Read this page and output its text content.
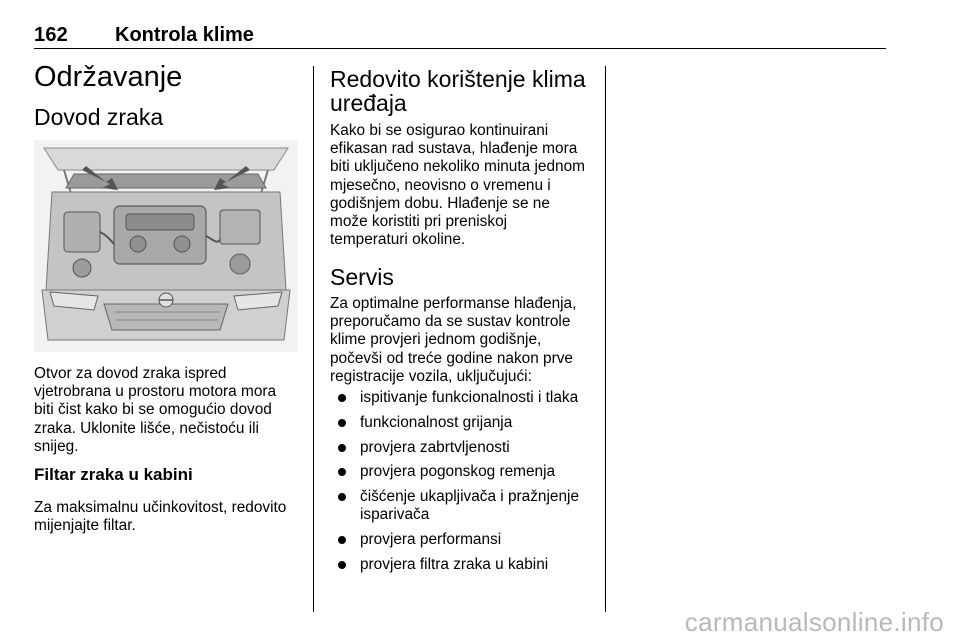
162 Kontrola klime
Održavanje
Dovod zraka
Otvor za dovod zraka ispred
vjetrobrana u prostoru motora mora
biti čist kako bi se omogućio dovod
zraka. Uklonite lišće, nečistoću ili
snijeg.
Filtar zraka u kabini
Za maksimalnu učinkovitost, redovito
mijenjajte filtar.
Redovito korištenje klima
uređaja
Kako bi se osigurao kontinuirani
efikasan rad sustava, hlađenje mora
biti uključeno nekoliko minuta jednom
mjesečno, neovisno o vremenu i
godišnjem dobu. Hlađenje se ne
može koristiti pri preniskoj
temperaturi okoline.
Servis
Za optimalne performanse hlađenja,
preporučamo da se sustav kontrole
klime provjeri jednom godišnje,
počevši od treće godine nakon prve
registracije vozila, uključujući:
ispitivanje funkcionalnosti i tlaka
funkcionalnost grijanja
provjera zabrtvljenosti
provjera pogonskog remenja
čišćenje ukapljivača i pražnjenje isparivača
provjera performansi
provjera filtra zraka u kabini
carmanualsonline.info
